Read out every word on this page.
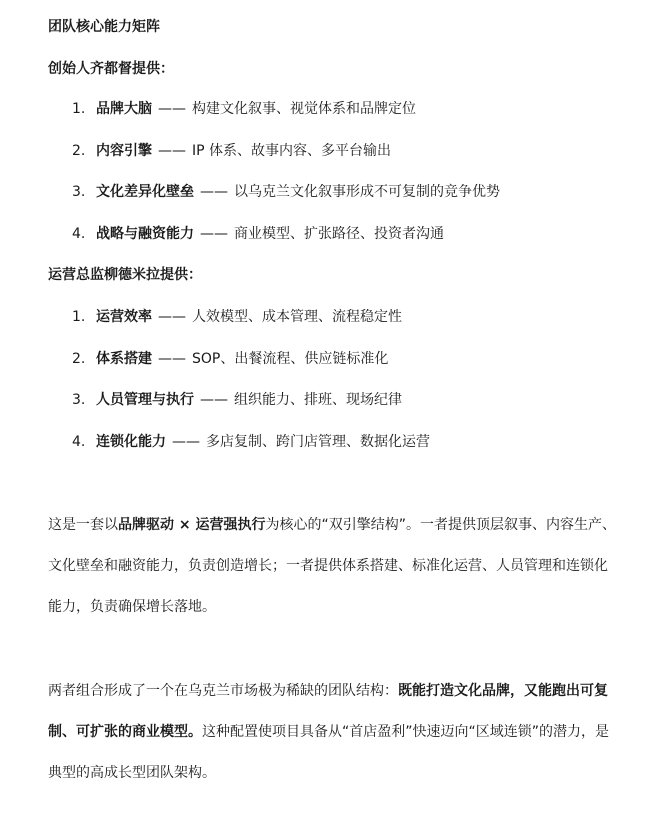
团队核心能力矩阵
创始人齐都督提供：
1. 品牌大脑 —— 构建文化叙事、视觉体系和品牌定位
2. 内容引擎 —— IP 体系、故事内容、多平台输出
3. 文化差异化壁垒 —— 以乌克兰文化叙事形成不可复制的竞争优势
4. 战略与融资能力 —— 商业模型、扩张路径、投资者沟通
运营总监柳德米拉提供：
1. 运营效率 —— 人效模型、成本管理、流程稳定性
2. 体系搭建 —— SOP、出餐流程、供应链标准化
3. 人员管理与执行 —— 组织能力、排班、现场纪律
4. 连锁化能力 —— 多店复制、跨门店管理、数据化运营
这是一套以品牌驱动 × 运营强执行为核心的“双引擎结构”。一者提供顶层叙事、内容生产、文化壁垒和融资能力，负责创造增长；一者提供体系搭建、标准化运营、人员管理和连锁化能力，负责确保增长落地。
两者组合形成了一个在乌克兰市场极为稀缺的团队结构：既能打造文化品牌，又能跑出可复制、可扩张的商业模型。这种配置使项目具备从“首店盈利”快速迈向“区域连锁”的潜力，是典型的高成长型团队架构。
